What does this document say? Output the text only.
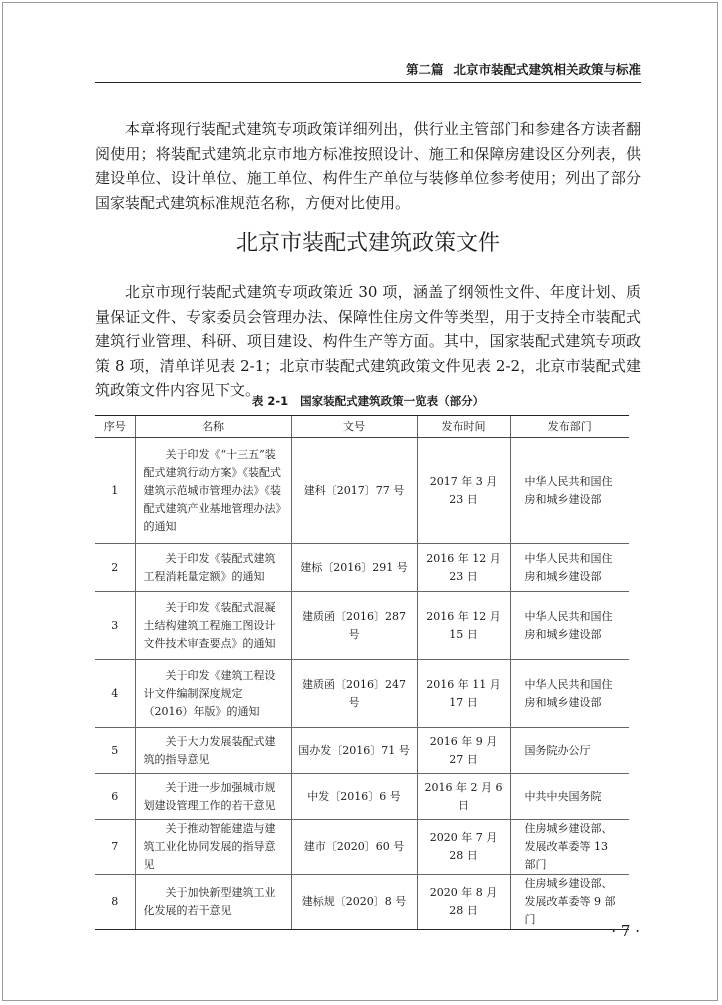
第二篇 北京市装配式建筑相关政策与标准

本章将现行装配式建筑专项政策详细列出，供行业主管部门和参建各方读者翻阅使用；将装配式建筑北京市地方标准按照设计、施工和保障房建设区分列表，供建设单位、设计单位、施工单位、构件生产单位与装修单位参考使用；列出了部分国家装配式建筑标准规范名称，方便对比使用。

北京市装配式建筑政策文件

北京市现行装配式建筑专项政策近 30 项，涵盖了纲领性文件、年度计划、质量保证文件、专家委员会管理办法、保障性住房文件等类型，用于支持全市装配式建筑行业管理、科研、项目建设、构件生产等方面。其中，国家装配式建筑专项政策 8 项，清单详见表 2-1；北京市装配式建筑政策文件见表 2-2，北京市装配式建筑政策文件内容见下文。

表 2-1 国家装配式建筑政策一览表（部分）
序号	名称	文号	发布时间	发布部门
1	关于印发《“十三五”装配式建筑行动方案》《装配式建筑示范城市管理办法》《装配式建筑产业基地管理办法》的通知	建科〔2017〕77 号	2017 年 3 月 23 日	中华人民共和国住房和城乡建设部
2	关于印发《装配式建筑工程消耗量定额》的通知	建标〔2016〕291 号	2016 年 12 月 23 日	中华人民共和国住房和城乡建设部
3	关于印发《装配式混凝土结构建筑工程施工图设计文件技术审查要点》的通知	建质函〔2016〕287 号	2016 年 12 月 15 日	中华人民共和国住房和城乡建设部
4	关于印发《建筑工程设计文件编制深度规定（2016）年版》的通知	建质函〔2016〕247 号	2016 年 11 月 17 日	中华人民共和国住房和城乡建设部
5	关于大力发展装配式建筑的指导意见	国办发〔2016〕71 号	2016 年 9 月 27 日	国务院办公厅
6	关于进一步加强城市规划建设管理工作的若干意见	中发〔2016〕6 号	2016 年 2 月 6 日	中共中央国务院
7	关于推动智能建造与建筑工业化协同发展的指导意见	建市〔2020〕60 号	2020 年 7 月 28 日	住房城乡建设部、发展改革委等 13 部门
8	关于加快新型建筑工业化发展的若干意见	建标规〔2020〕8 号	2020 年 8 月 28 日	住房城乡建设部、发展改革委等 9 部门
· 7 ·
